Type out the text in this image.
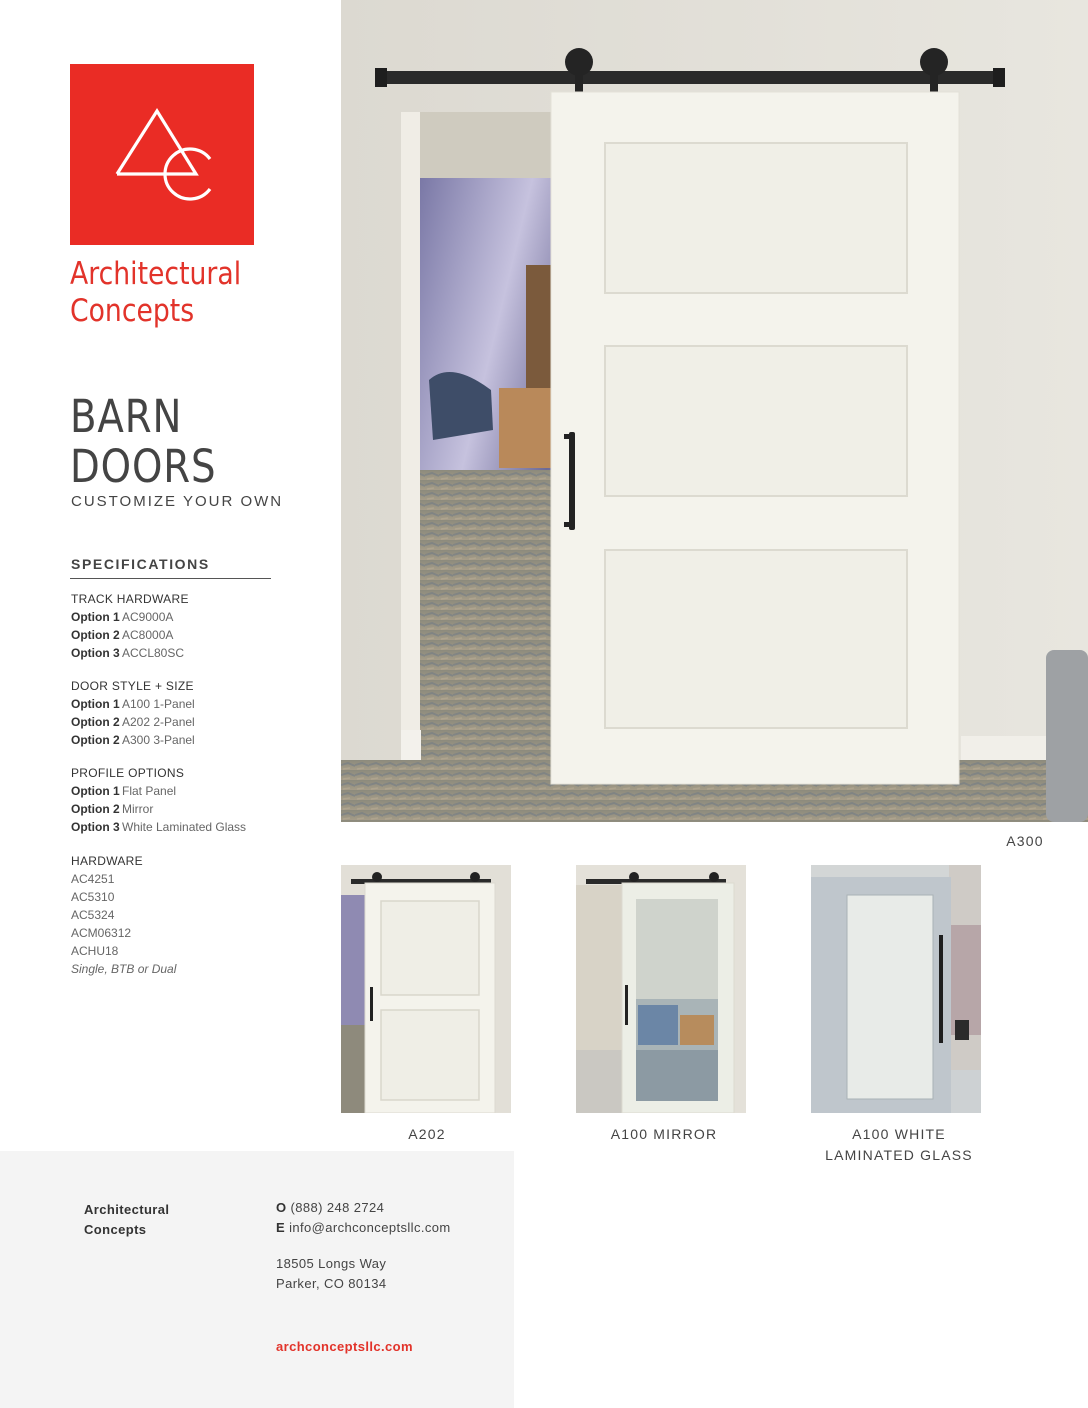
Architectural
Concepts
BARN
DOORS
CUSTOMIZE YOUR OWN
SPECIFICATIONS
TRACK HARDWARE
Option 1 AC9000A
Option 2 AC8000A
Option 3 ACCL80SC
DOOR STYLE + SIZE
Option 1 A100 1-Panel
Option 2 A202 2-Panel
Option 2 A300 3-Panel
PROFILE OPTIONS
Option 1 Flat Panel
Option 2 Mirror
Option 3 White Laminated Glass
HARDWARE
AC4251
AC5310
AC5324
ACM06312
ACHU18
Single, BTB or Dual
A300
A202	A100 MIRROR	A100 WHITE
LAMINATED GLASS
Architectural
Concepts
O (888) 248 2724
E info@archconceptsllc.com
18505 Longs Way
Parker, CO 80134
archconceptsllc.com
